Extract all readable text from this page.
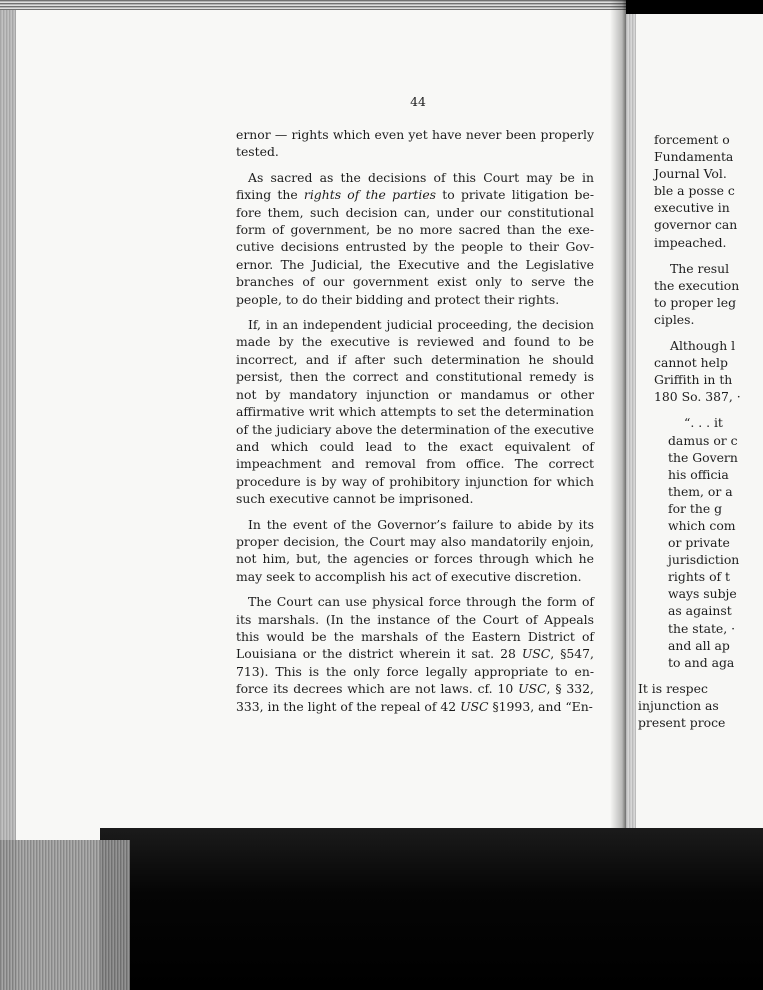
44

ernor — rights which even yet have never been properly tested.

As sacred as the decisions of this Court may be in fixing the rights of the parties to private litigation before them, such decision can, under our constitutional form of government, be no more sacred than the executive decisions entrusted by the people to their Governor. The Judicial, the Executive and the Legislative branches of our government exist only to serve the people, to do their bidding and protect their rights.

If, in an independent judicial proceeding, the decision made by the executive is reviewed and found to be incorrect, and if after such determination he should persist, then the correct and constitutional remedy is not by mandatory injunction or mandamus or other affirmative writ which attempts to set the determination of the judiciary above the determination of the executive and which could lead to the exact equivalent of impeachment and removal from office. The correct procedure is by way of prohibitory injunction for which such executive cannot be imprisoned.

In the event of the Governor’s failure to abide by its proper decision, the Court may also mandatorily enjoin, not him, but, the agencies or forces through which he may seek to accomplish his act of executive discretion.

The Court can use physical force through the form of its marshals. (In the instance of the Court of Appeals this would be the marshals of the Eastern District of Louisiana or the district wherein it sat. 28 USC, §547, 713). This is the only force legally appropriate to enforce its decrees which are not laws. cf. 10 USC, § 332, 333, in the light of the repeal of 42 USC §1993, and “En-

forcement o
Fundamenta
Journal Vol.
ble a posse c
executive in
governor can
impeached.
The resul
the execution
to proper leg
ciples.
Although l
cannot help
Griffith in th
180 So. 387, ·
“. . . it
damus or c
the Govern
his officia
them, or a
for the g
which com
or private
jurisdiction
rights of t
ways subje
as against
the state, ·
and all ap
to and aga
It is respec
injunction as
present proce
